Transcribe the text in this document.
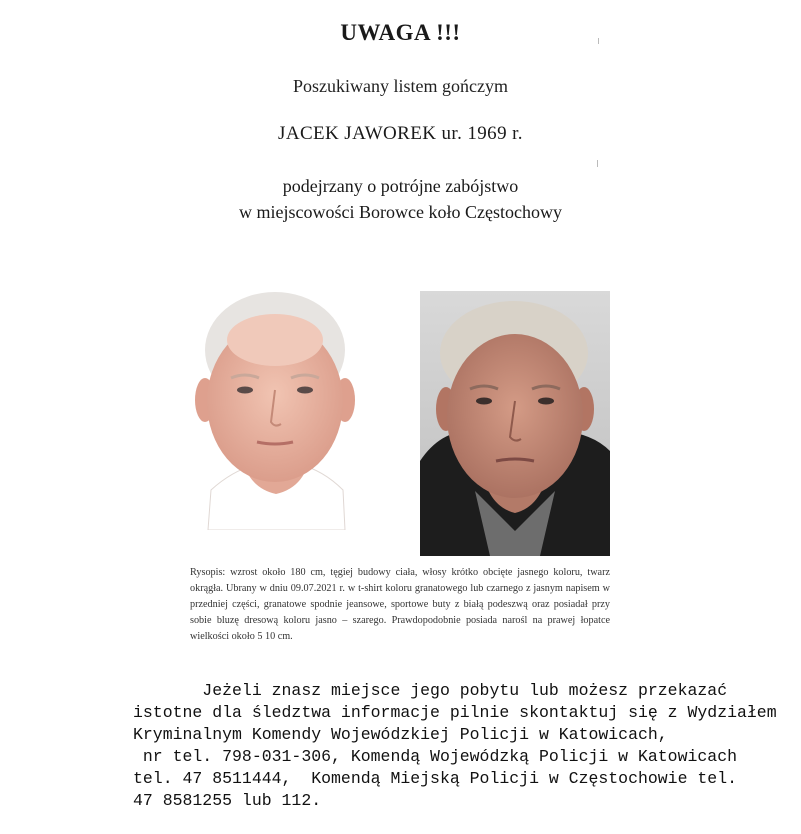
UWAGA !!!
Poszukiwany listem gończym
JACEK JAWOREK ur. 1969 r.
podejrzany o potrójne zabójstwo
w miejscowości Borowce koło Częstochowy
Rysopis: wzrost około 180 cm, tęgiej budowy ciała, włosy krótko obcięte jasnego koloru, twarz okrągła. Ubrany w dniu 09.07.2021 r. w t-shirt koloru granatowego lub czarnego z jasnym napisem w przedniej części, granatowe spodnie jeansowe, sportowe buty z białą podeszwą oraz posiadał przy sobie bluzę dresową koloru jasno – szarego. Prawdopodobnie posiada narośl na prawej łopatce wielkości około 5 10 cm.
Jeżeli znasz miejsce jego pobytu lub możesz przekazać
istotne dla śledztwa informacje pilnie skontaktuj się z Wydziałem
Kryminalnym Komendy Wojewódzkiej Policji w Katowicach,
nr tel. 798-031-306, Komendą Wojewódzką Policji w Katowicach
tel. 47 8511444,  Komendą Miejską Policji w Częstochowie tel.
47 8581255 lub 112.
